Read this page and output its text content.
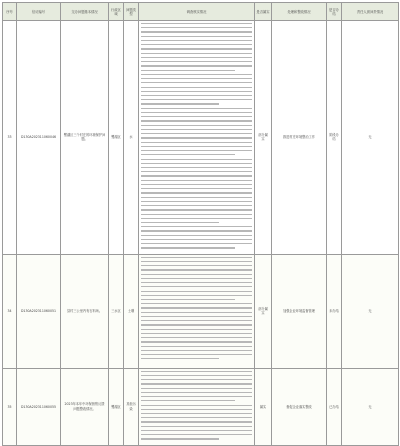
序号	信访编号	交办问题基本情况	行政区域	问题类型	调查核实情况	是否属实	处理和整改情况	是否办结	责任人被问责情况
33	D130A202311060046	鹭湖区三个村庄的环境保护问题。	鹭湖区	水		部分属实	推进村庄环境整治工作	阶段办结	无
34	D130A202311060051	县村三公里内有石料场。	三水区	土壤		部分属实	加强企业环境监督管理	未办结	无
35	D130A202311060055	2023年本年中环保督察反馈问题整改情况。	鹭湖区	其他污染		属实	督促企业落实整改	已办结	无
